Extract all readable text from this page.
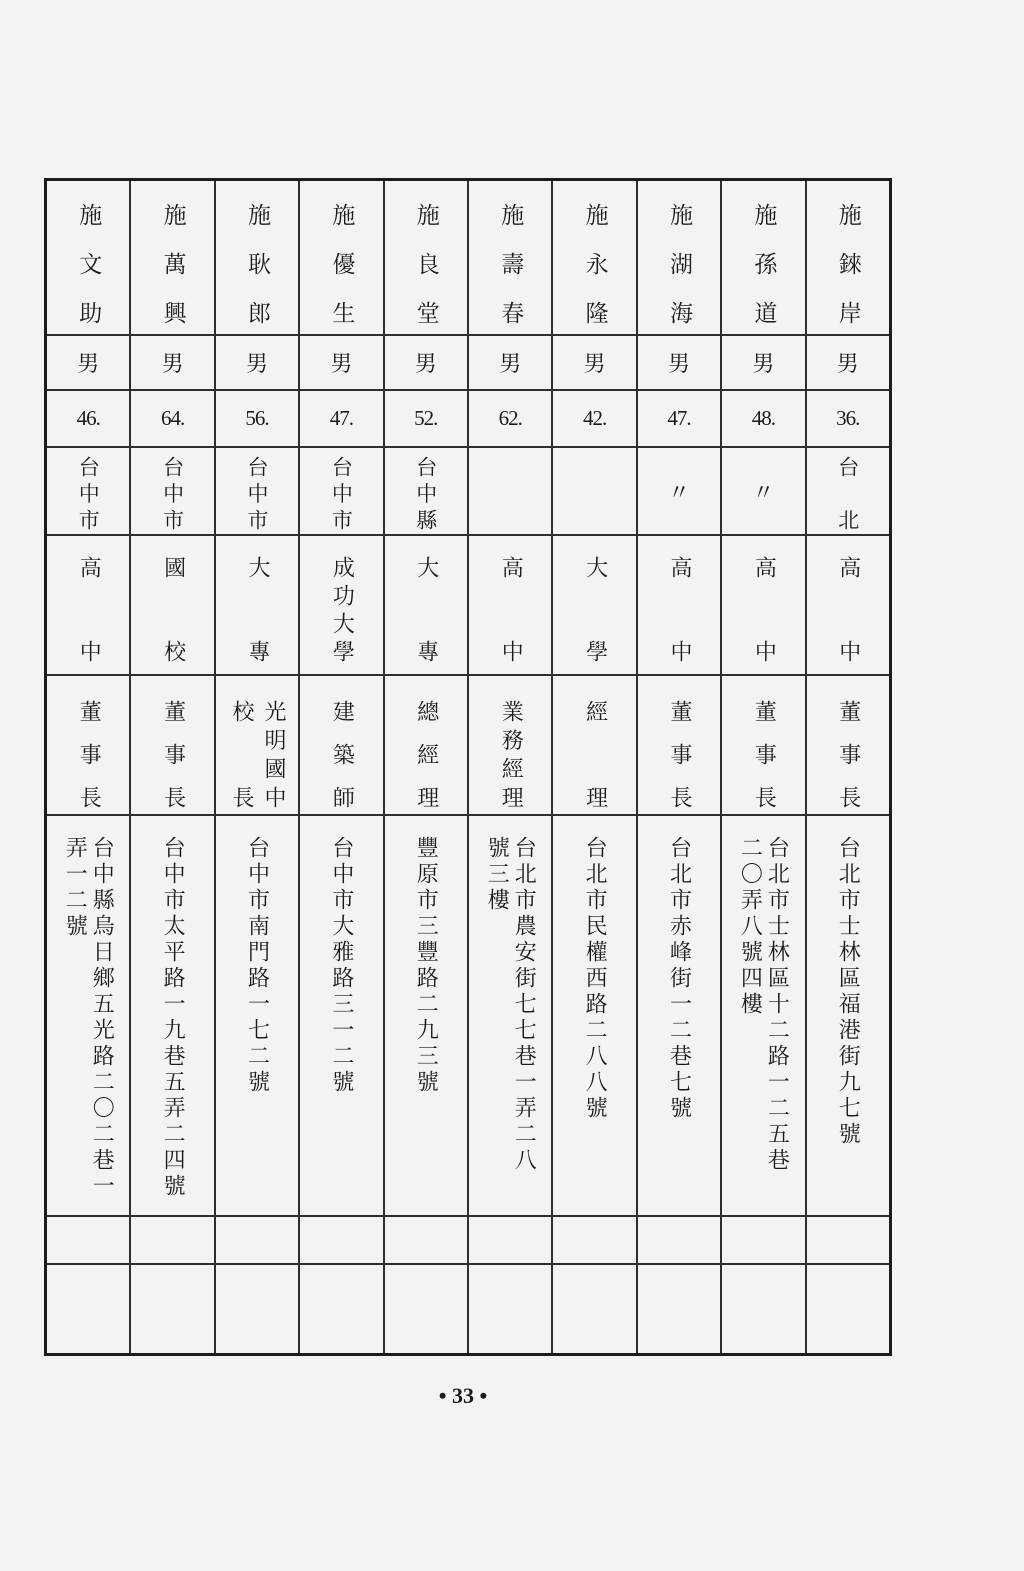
施錸岸
男
36.
台北
高中
董事長
台北市士林區福港街九七號
施孫道
男
48.
〃
高中
董事長
台北市士林區十二路一二五巷
二〇弄八號四樓
施湖海
男
47.
〃
高中
董事長
台北市赤峰街一二巷七號
施永隆
男
42.
大學
經理
台北市民權西路二八八號
施壽春
男
62.
高中
業務經理
台北市農安街七七巷一弄二八
號三樓
施良堂
男
52.
台中縣
大專
總經理
豐原市三豐路二九三號
施優生
男
47.
台中市
成功大學
建築師
台中市大雅路三一二號
施耿郎
男
56.
台中市
大專
光明國中
校長
台中市南門路一七二號
施萬興
男
64.
台中市
國校
董事長
台中市太平路一九巷五弄二四號
施文助
男
46.
台中市
高中
董事長
台中縣烏日鄉五光路二〇二巷一
弄一二號
• 33 •
